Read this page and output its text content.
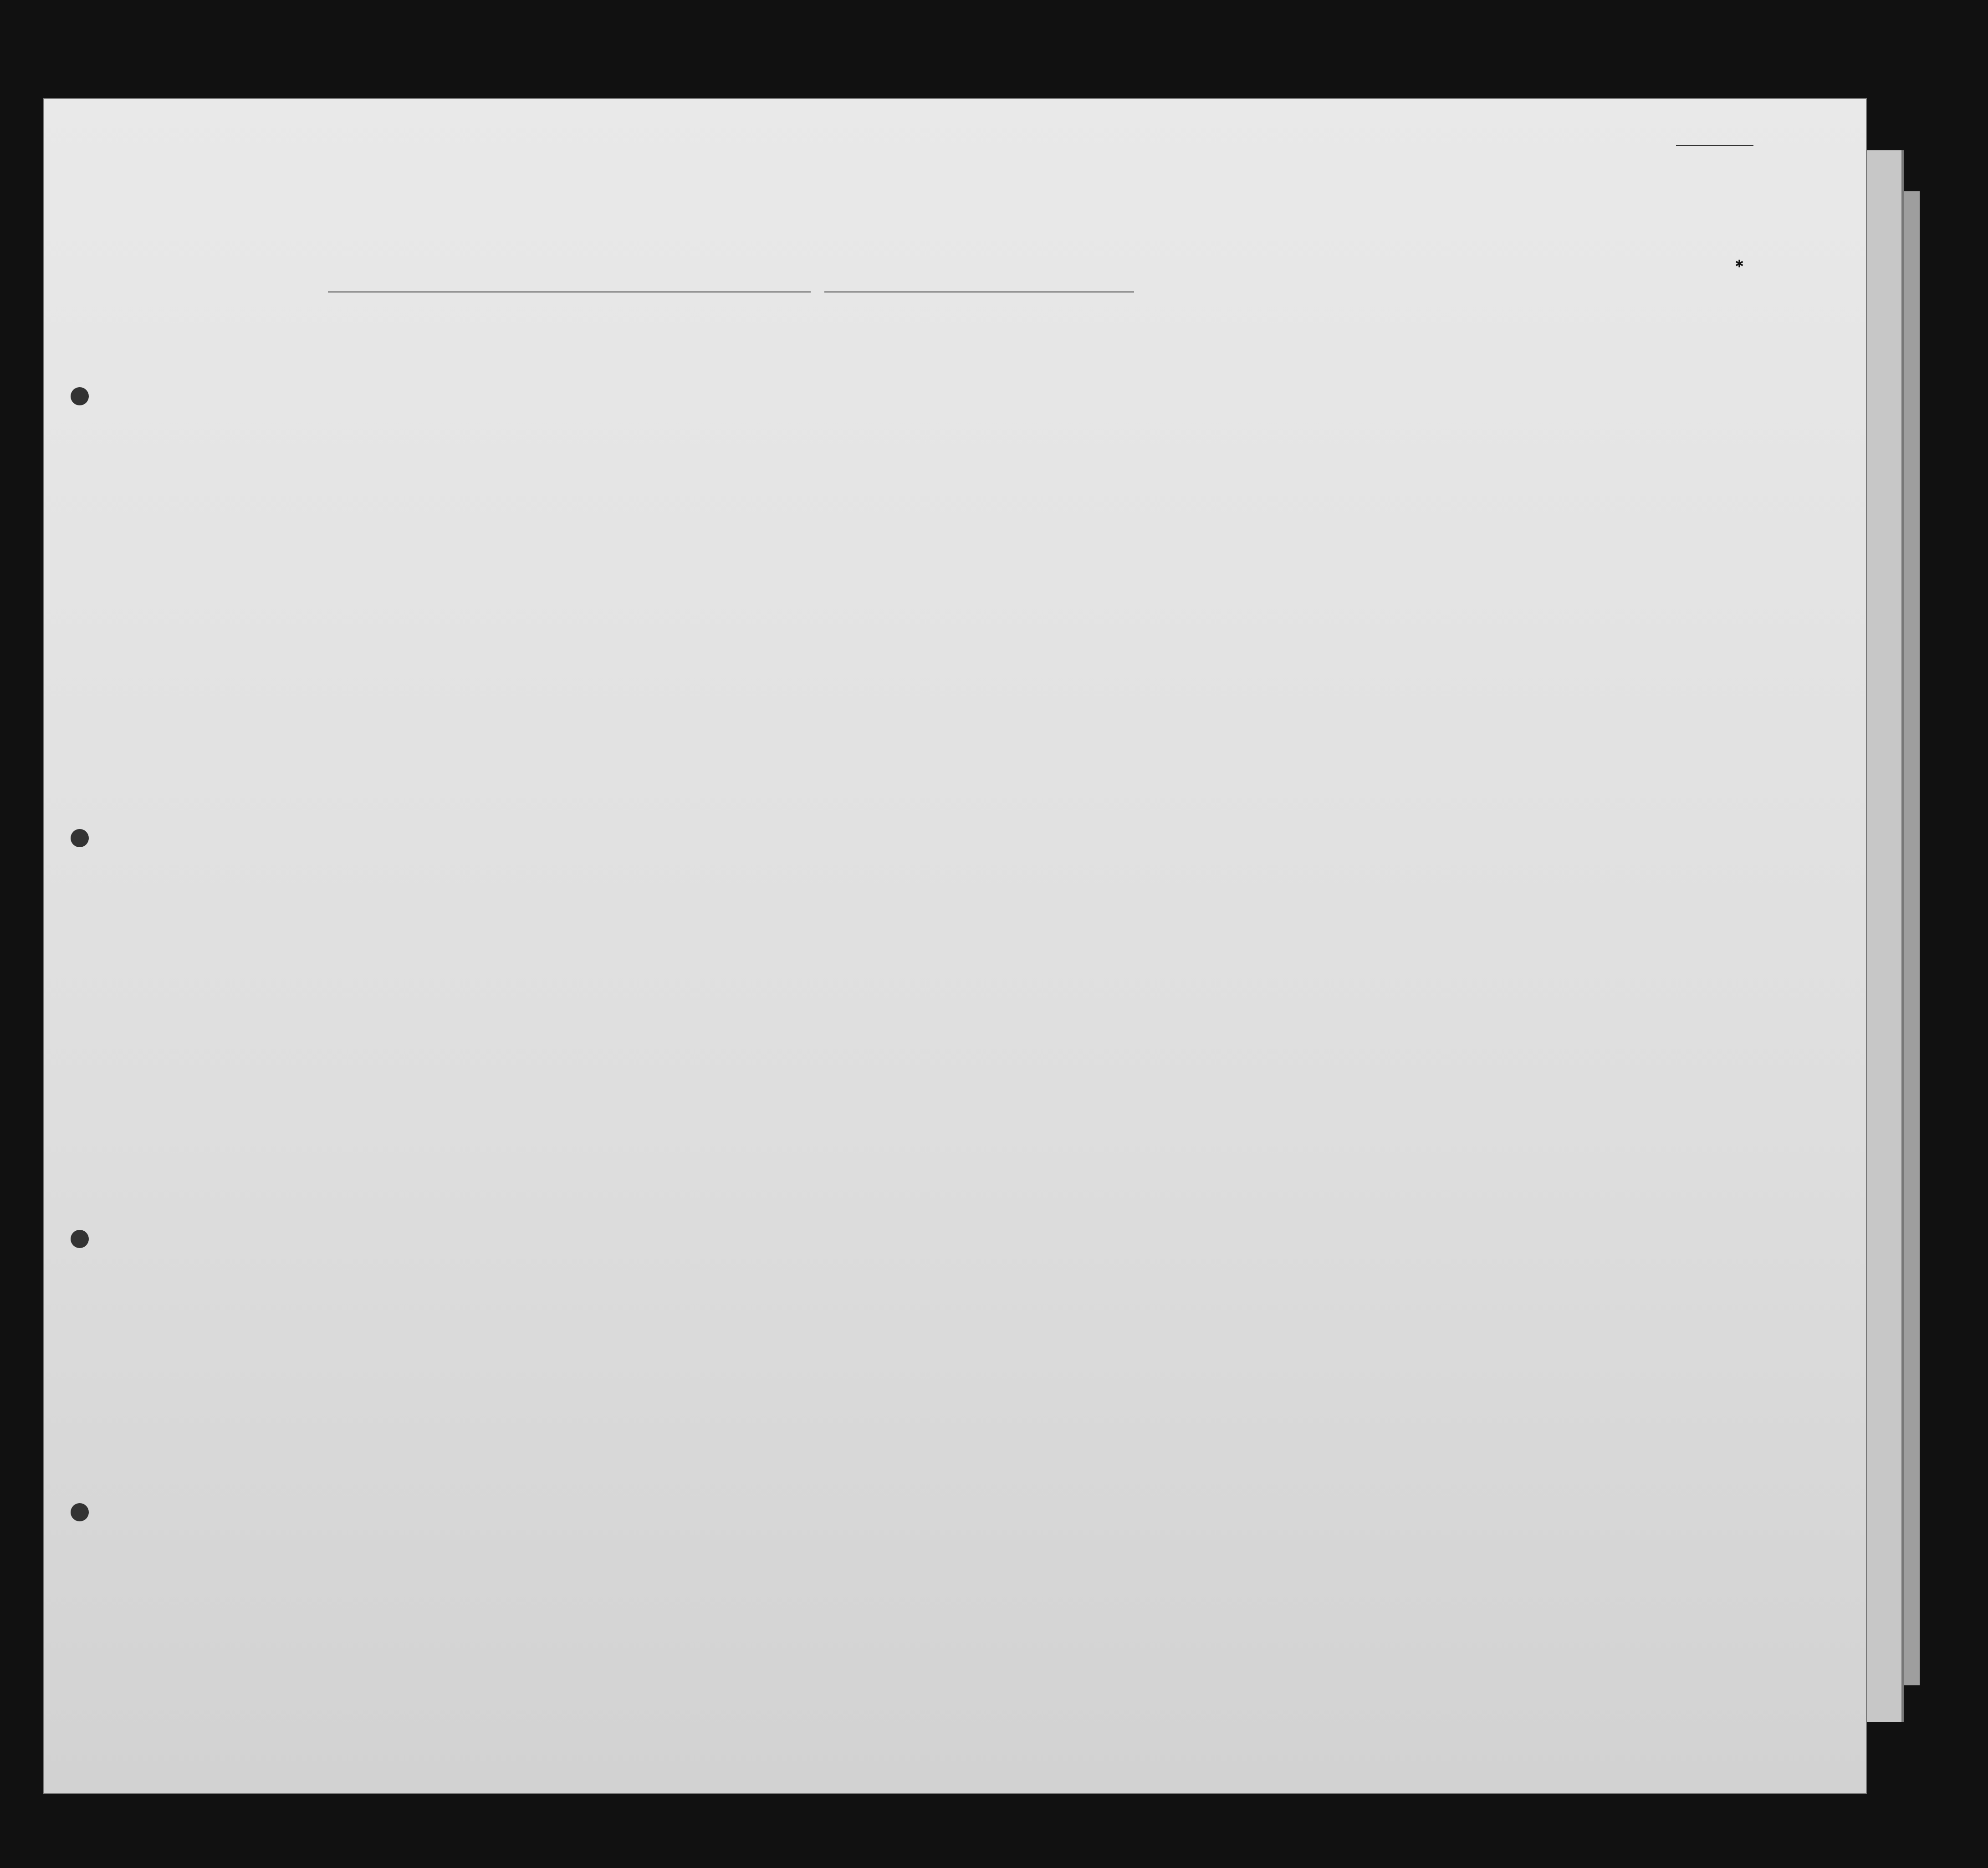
✱
